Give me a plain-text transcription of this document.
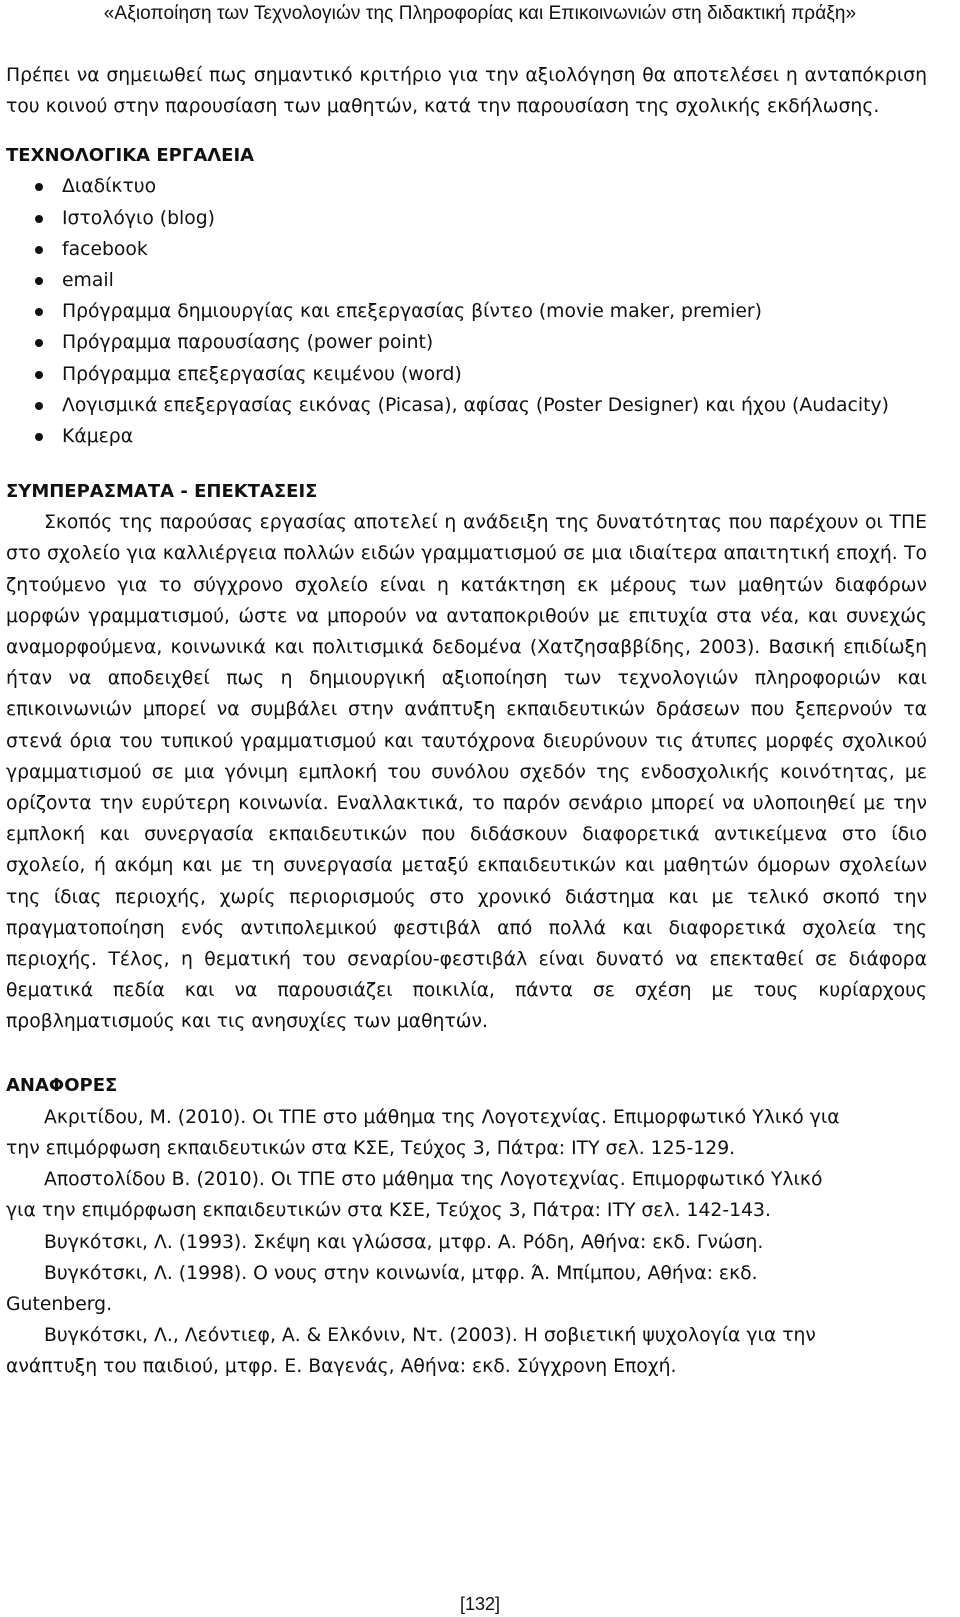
«Αξιοποίηση των Τεχνολογιών της Πληροφορίας και Επικοινωνιών στη διδακτική πράξη»

Πρέπει να σημειωθεί πως σημαντικό κριτήριο για την αξιολόγηση θα αποτελέσει η ανταπόκριση του κοινού στην παρουσίαση των μαθητών, κατά την παρουσίαση της σχολικής εκδήλωσης.

ΤΕΧΝΟΛΟΓΙΚΑ ΕΡΓΑΛΕΙΑ
Διαδίκτυο
Ιστολόγιο (blog)
facebook
email
Πρόγραμμα δημιουργίας και επεξεργασίας βίντεο (movie maker, premier)
Πρόγραμμα παρουσίασης (power point)
Πρόγραμμα επεξεργασίας κειμένου (word)
Λογισμικά επεξεργασίας εικόνας (Picasa), αφίσας (Poster Designer) και ήχου (Audacity)
Κάμερα
ΣΥΜΠΕΡΑΣΜΑΤΑ - ΕΠΕΚΤΑΣΕΙΣ

Σκοπός της παρούσας εργασίας αποτελεί η ανάδειξη της δυνατότητας που παρέχουν οι ΤΠΕ στο σχολείο για καλλιέργεια πολλών ειδών γραμματισμού σε μια ιδιαίτερα απαιτητική εποχή. Το ζητούμενο για το σύγχρονο σχολείο είναι η κατάκτηση εκ μέρους των μαθητών διαφόρων μορφών γραμματισμού, ώστε να μπορούν να ανταποκριθούν με επιτυχία στα νέα, και συνεχώς αναμορφούμενα, κοινωνικά και πολιτισμικά δεδομένα (Χατζησαββίδης, 2003). Βασική επιδίωξη ήταν να αποδειχθεί πως η δημιουργική αξιοποίηση των τεχνολογιών πληροφοριών και επικοινωνιών μπορεί να συμβάλει στην ανάπτυξη εκπαιδευτικών δράσεων που ξεπερνούν τα στενά όρια του τυπικού γραμματισμού και ταυτόχρονα διευρύνουν τις άτυπες μορφές σχολικού γραμματισμού σε μια γόνιμη εμπλοκή του συνόλου σχεδόν της ενδοσχολικής κοινότητας, με ορίζοντα την ευρύτερη κοινωνία. Εναλλακτικά, το παρόν σενάριο μπορεί να υλοποιηθεί με την εμπλοκή και συνεργασία εκπαιδευτικών που διδάσκουν διαφορετικά αντικείμενα στο ίδιο σχολείο, ή ακόμη και με τη συνεργασία μεταξύ εκπαιδευτικών και μαθητών όμορων σχολείων της ίδιας περιοχής, χωρίς περιορισμούς στο χρονικό διάστημα και με τελικό σκοπό την πραγματοποίηση ενός αντιπολεμικού φεστιβάλ από πολλά και διαφορετικά σχολεία της περιοχής. Τέλος, η θεματική του σεναρίου-φεστιβάλ είναι δυνατό να επεκταθεί σε διάφορα θεματικά πεδία και να παρουσιάζει ποικιλία, πάντα σε σχέση με τους κυρίαρχους προβληματισμούς και τις ανησυχίες των μαθητών.

ΑΝΑΦΟΡΕΣ

Ακριτίδου, Μ. (2010). Οι ΤΠΕ στο μάθημα της Λογοτεχνίας. Επιμορφωτικό Υλικό για

την επιμόρφωση εκπαιδευτικών στα ΚΣΕ, Τεύχος 3, Πάτρα: ΙΤΥ σελ. 125-129.

Αποστολίδου Β. (2010). Οι ΤΠΕ στο μάθημα της Λογοτεχνίας. Επιμορφωτικό Υλικό

για την επιμόρφωση εκπαιδευτικών στα ΚΣΕ, Τεύχος 3, Πάτρα: ΙΤΥ σελ. 142-143.

Βυγκότσκι, Λ. (1993). Σκέψη και γλώσσα, μτφρ. Α. Ρόδη, Αθήνα: εκδ. Γνώση.

Βυγκότσκι, Λ. (1998). Ο νους στην κοινωνία, μτφρ. Ά. Μπίμπου, Αθήνα: εκδ.

Gutenberg.

Βυγκότσκι, Λ., Λεόντιεφ, Α. & Ελκόνιν, Ντ. (2003). Η σοβιετική ψυχολογία για την

ανάπτυξη του παιδιού, μτφρ. Ε. Βαγενάς, Αθήνα: εκδ. Σύγχρονη Εποχή.

[132]
